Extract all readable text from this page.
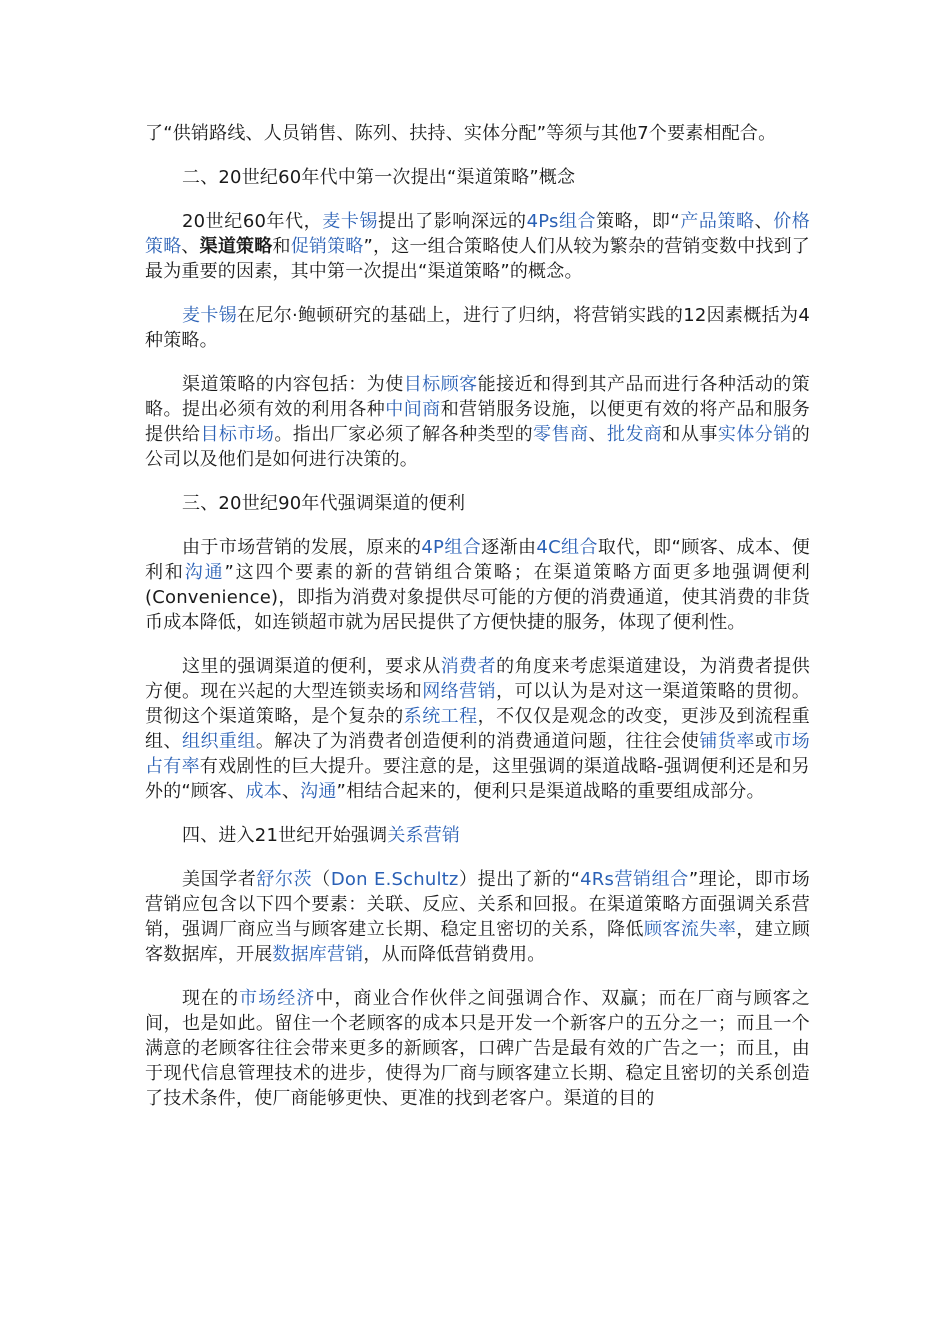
了“供销路线、人员销售、陈列、扶持、实体分配”等须与其他7个要素相配合。

二、20世纪60年代中第一次提出“渠道策略”概念

20世纪60年代，麦卡锡提出了影响深远的4Ps组合策略，即“产品策略、价格策略、渠道策略和促销策略”，这一组合策略使人们从较为繁杂的营销变数中找到了最为重要的因素，其中第一次提出“渠道策略”的概念。

麦卡锡在尼尔·鲍顿研究的基础上，进行了归纳，将营销实践的12因素概括为4种策略。

渠道策略的内容包括：为使目标顾客能接近和得到其产品而进行各种活动的策略。提出必须有效的利用各种中间商和营销服务设施，以便更有效的将产品和服务提供给目标市场。指出厂家必须了解各种类型的零售商、批发商和从事实体分销的公司以及他们是如何进行决策的。

三、20世纪90年代强调渠道的便利

由于市场营销的发展，原来的4P组合逐渐由4C组合取代，即“顾客、成本、便利和沟通”这四个要素的新的营销组合策略；在渠道策略方面更多地强调便利(Convenience)，即指为消费对象提供尽可能的方便的消费通道，使其消费的非货币成本降低，如连锁超市就为居民提供了方便快捷的服务，体现了便利性。

这里的强调渠道的便利，要求从消费者的角度来考虑渠道建设，为消费者提供方便。现在兴起的大型连锁卖场和网络营销，可以认为是对这一渠道策略的贯彻。贯彻这个渠道策略，是个复杂的系统工程，不仅仅是观念的改变，更涉及到流程重组、组织重组。解决了为消费者创造便利的消费通道问题，往往会使铺货率或市场占有率有戏剧性的巨大提升。要注意的是，这里强调的渠道战略-强调便利还是和另外的“顾客、成本、沟通”相结合起来的，便利只是渠道战略的重要组成部分。

四、进入21世纪开始强调关系营销

美国学者舒尔茨（Don E.Schultz）提出了新的“4Rs营销组合”理论，即市场营销应包含以下四个要素：关联、反应、关系和回报。在渠道策略方面强调关系营销，强调厂商应当与顾客建立长期、稳定且密切的关系，降低顾客流失率，建立顾客数据库，开展数据库营销，从而降低营销费用。

现在的市场经济中，商业合作伙伴之间强调合作、双赢；而在厂商与顾客之间，也是如此。留住一个老顾客的成本只是开发一个新客户的五分之一；而且一个满意的老顾客往往会带来更多的新顾客，口碑广告是最有效的广告之一；而且，由于现代信息管理技术的进步，使得为厂商与顾客建立长期、稳定且密切的关系创造了技术条件，使厂商能够更快、更准的找到老客户。渠道的目的
